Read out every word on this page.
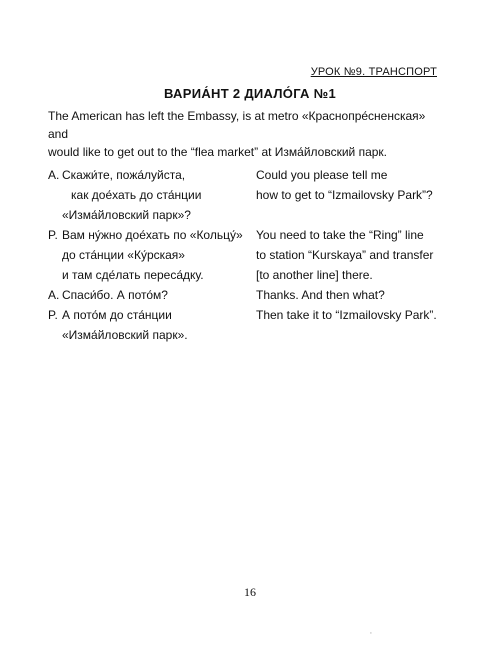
УРОК №9. ТРАНСПОРТ
ВАРИА́НТ 2 ДИАЛО́ГА №1

The American has left the Embassy, is at metro «Краснопре́сненская» and

would like to get out to the “flea market” at Изма́йловский парк.

A. Скажи́те, пожа́луйста,
как дое́хать до ста́нции
«Изма́йловский парк»?
Could you please tell me
how to get to “Izmailovsky Park”?
P. Вам ну́жно дое́хать по «Кольцу́»
до ста́нции «Ку́рская»
и там сде́лать переса́дку.
You need to take the “Ring” line
to station “Kurskaya” and transfer
[to another line] there.
A. Спаси́бо. А пото́м?	Thanks. And then what?
P. А пото́м до ста́нции
«Изма́йловский парк».
Then take it to “Izmailovsky Park”.
16
‚
